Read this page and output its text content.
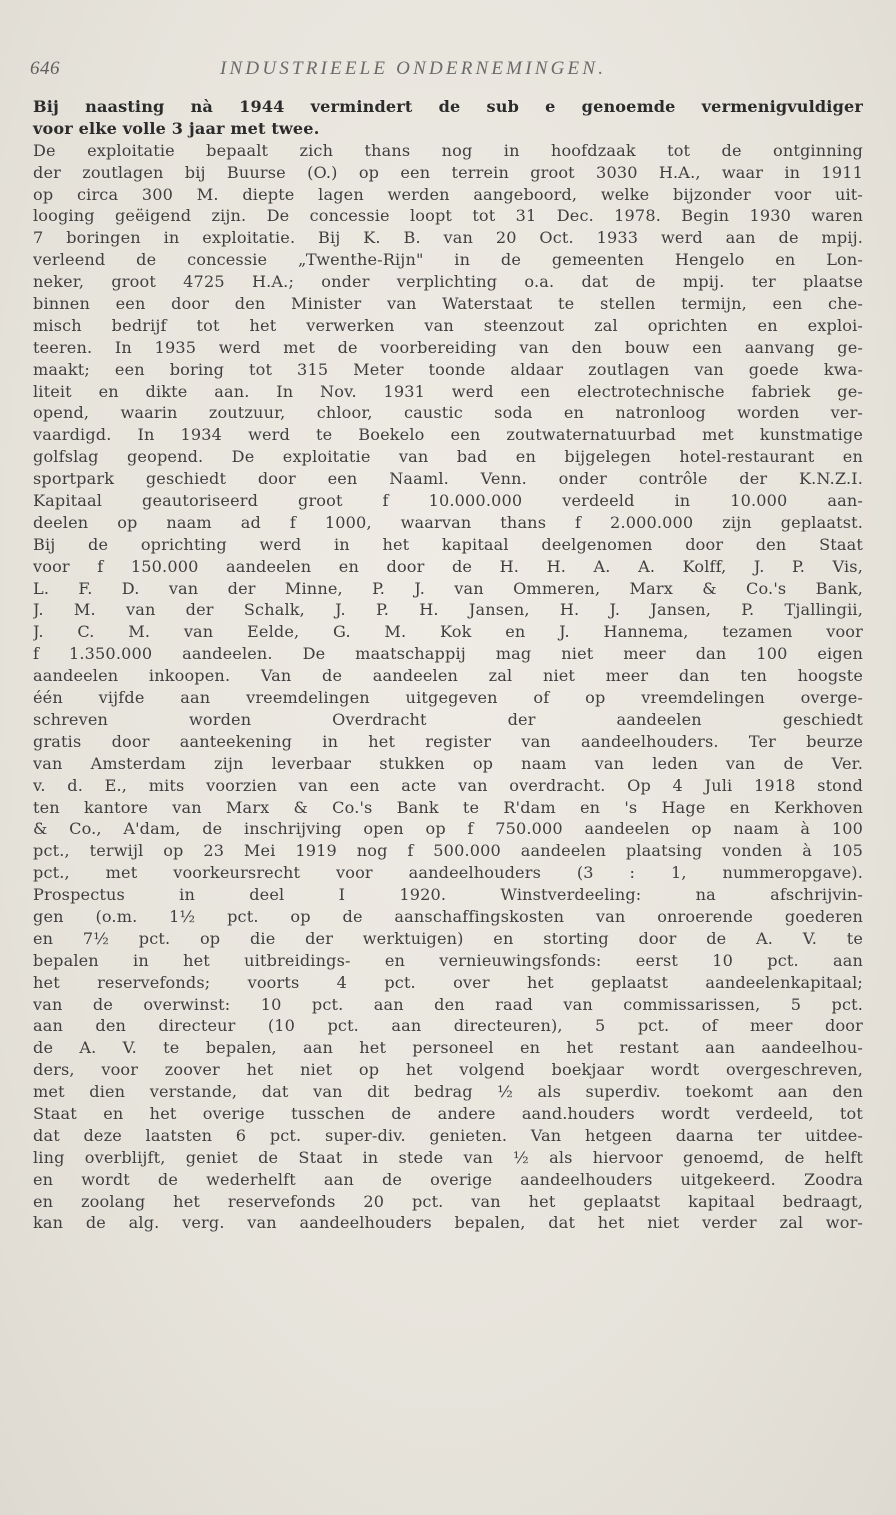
646	INDUSTRIEELE ONDERNEMINGEN.
Bij naasting nà 1944 vermindert de sub e genoemde vermenigvuldiger
voor elke volle 3 jaar met twee.
De exploitatie bepaalt zich thans nog in hoofdzaak tot de ontginning
der zoutlagen bij Buurse (O.) op een terrein groot 3030 H.A., waar in 1911
op circa 300 M. diepte lagen werden aangeboord, welke bijzonder voor uit-
looging geëigend zijn. De concessie loopt tot 31 Dec. 1978. Begin 1930 waren
7 boringen in exploitatie. Bij K. B. van 20 Oct. 1933 werd aan de mpij.
verleend de concessie „Twenthe-Rijn" in de gemeenten Hengelo en Lon-
neker, groot 4725 H.A.; onder verplichting o.a. dat de mpij. ter plaatse
binnen een door den Minister van Waterstaat te stellen termijn, een che-
misch bedrijf tot het verwerken van steenzout zal oprichten en exploi-
teeren. In 1935 werd met de voorbereiding van den bouw een aanvang ge-
maakt; een boring tot 315 Meter toonde aldaar zoutlagen van goede kwa-
liteit en dikte aan. In Nov. 1931 werd een electrotechnische fabriek ge-
opend, waarin zoutzuur, chloor, caustic soda en natronloog worden ver-
vaardigd. In 1934 werd te Boekelo een zoutwaternatuurbad met kunstmatige
golfslag geopend. De exploitatie van bad en bijgelegen hotel-restaurant en
sportpark geschiedt door een Naaml. Venn. onder contrôle der K.N.Z.I.
Kapitaal geautoriseerd groot f 10.000.000 verdeeld in 10.000 aan-
deelen op naam ad f 1000, waarvan thans f 2.000.000 zijn geplaatst.
Bij de oprichting werd in het kapitaal deelgenomen door den Staat
voor f 150.000 aandeelen en door de H. H. A. A. Kolff, J. P. Vis,
L. F. D. van der Minne, P. J. van Ommeren, Marx & Co.'s Bank,
J. M. van der Schalk, J. P. H. Jansen, H. J. Jansen, P. Tjallingii,
J. C. M. van Eelde, G. M. Kok en J. Hannema, tezamen voor
f 1.350.000 aandeelen. De maatschappij mag niet meer dan 100 eigen
aandeelen inkoopen. Van de aandeelen zal niet meer dan ten hoogste
één vijfde aan vreemdelingen uitgegeven of op vreemdelingen overge-
schreven worden Overdracht der aandeelen geschiedt
gratis door aanteekening in het register van aandeelhouders. Ter beurze
van Amsterdam zijn leverbaar stukken op naam van leden van de Ver.
v. d. E., mits voorzien van een acte van overdracht. Op 4 Juli 1918 stond
ten kantore van Marx & Co.'s Bank te R'dam en 's Hage en Kerkhoven
& Co., A'dam, de inschrijving open op f 750.000 aandeelen op naam à 100
pct., terwijl op 23 Mei 1919 nog f 500.000 aandeelen plaatsing vonden à 105
pct., met voorkeursrecht voor aandeelhouders (3 : 1, nummeropgave).
Prospectus in deel I 1920. Winstverdeeling: na afschrijvin-
gen (o.m. 1½ pct. op de aanschaffingskosten van onroerende goederen
en 7½ pct. op die der werktuigen) en storting door de A. V. te
bepalen in het uitbreidings- en vernieuwingsfonds: eerst 10 pct. aan
het reservefonds; voorts 4 pct. over het geplaatst aandeelenkapitaal;
van de overwinst: 10 pct. aan den raad van commissarissen, 5 pct.
aan den directeur (10 pct. aan directeuren), 5 pct. of meer door
de A. V. te bepalen, aan het personeel en het restant aan aandeelhou-
ders, voor zoover het niet op het volgend boekjaar wordt overgeschreven,
met dien verstande, dat van dit bedrag ½ als superdiv. toekomt aan den
Staat en het overige tusschen de andere aand.houders wordt verdeeld, tot
dat deze laatsten 6 pct. super-div. genieten. Van hetgeen daarna ter uitdee-
ling overblijft, geniet de Staat in stede van ½ als hiervoor genoemd, de helft
en wordt de wederhelft aan de overige aandeelhouders uitgekeerd. Zoodra
en zoolang het reservefonds 20 pct. van het geplaatst kapitaal bedraagt,
kan de alg. verg. van aandeelhouders bepalen, dat het niet verder zal wor-
